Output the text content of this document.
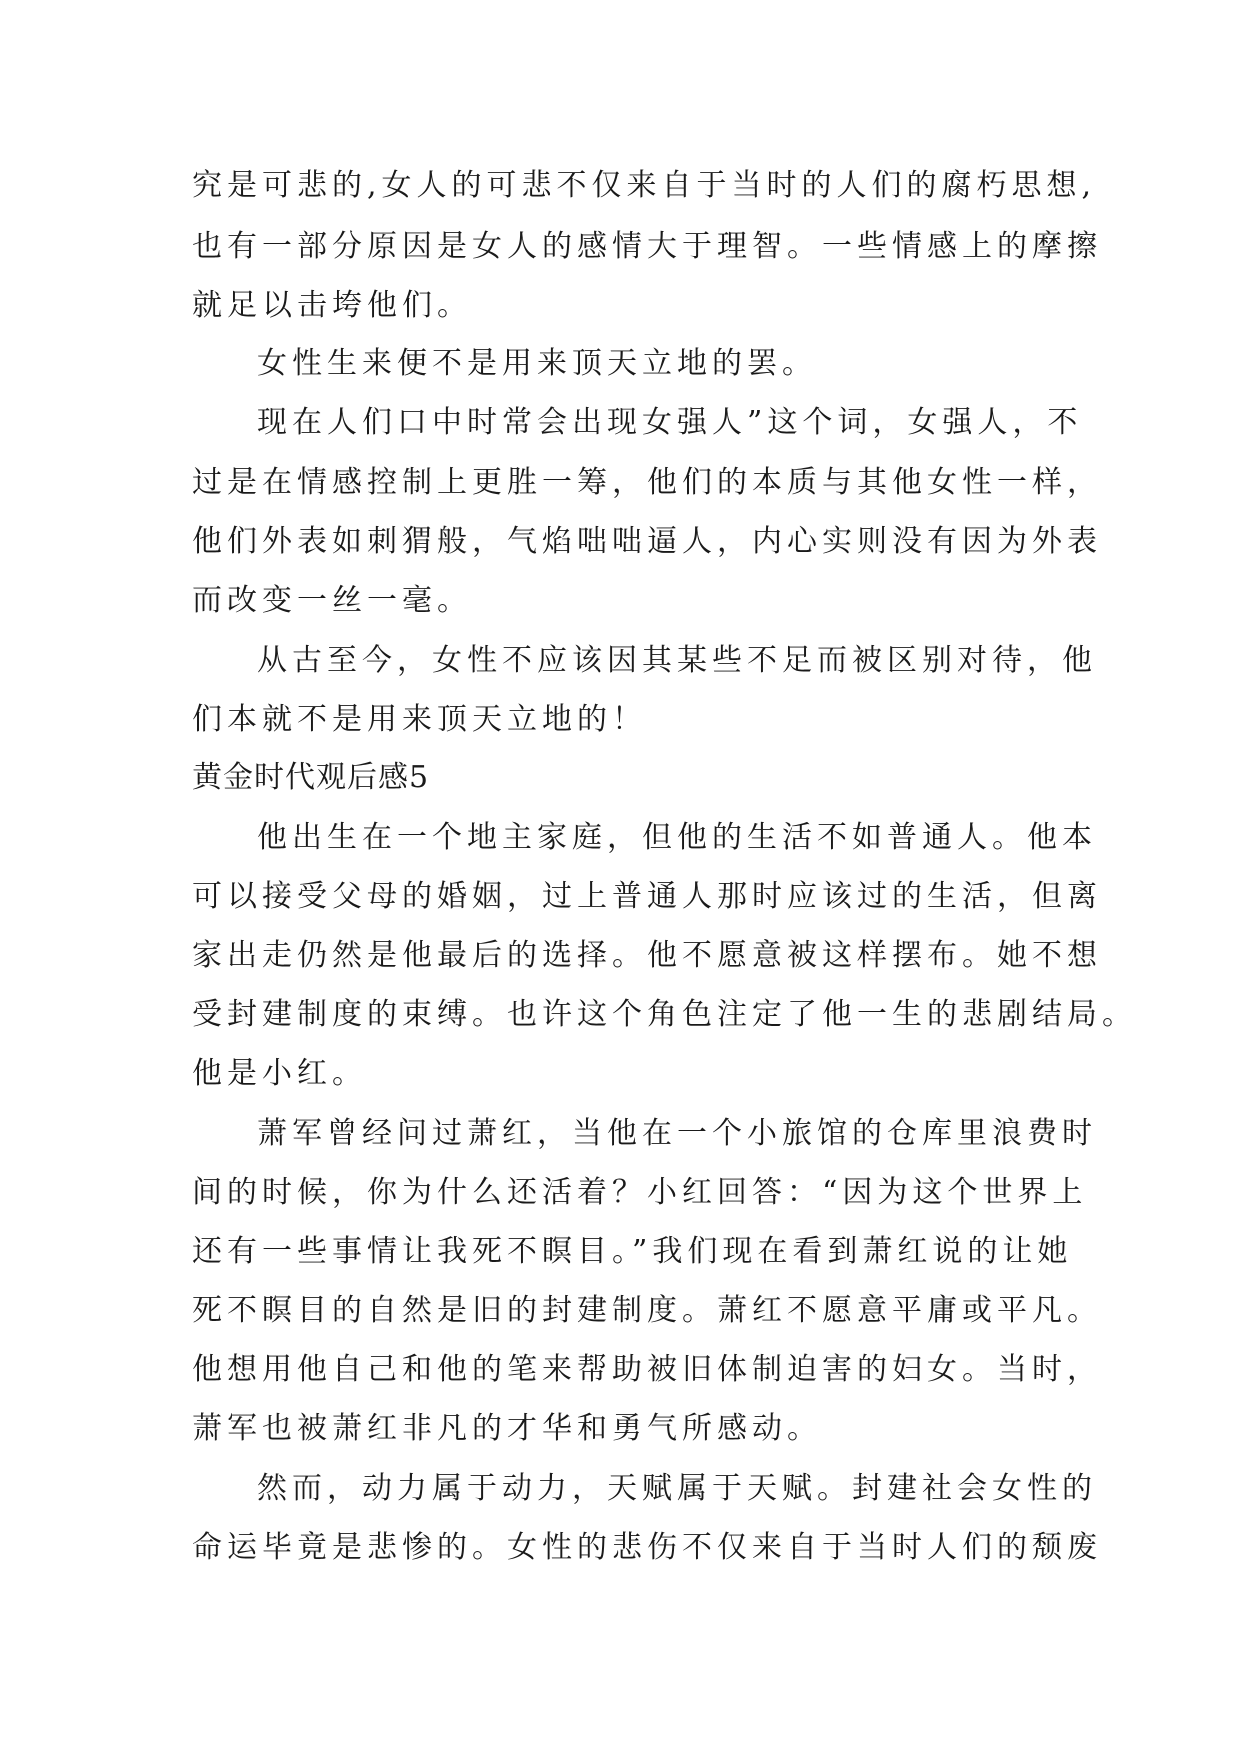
究是可悲的,女人的可悲不仅来自于当时的人们的腐朽思想,
也有一部分原因是女人的感情大于理智。一些情感上的摩擦
就足以击垮他们。
女性生来便不是用来顶天立地的罢。
现在人们口中时常会出现女强人”这个词，女强人，不
过是在情感控制上更胜一筹，他们的本质与其他女性一样，
他们外表如刺猬般，气焰咄咄逼人，内心实则没有因为外表
而改变一丝一毫。
从古至今，女性不应该因其某些不足而被区别对待，他
们本就不是用来顶天立地的！
黄金时代观后感5
他出生在一个地主家庭，但他的生活不如普通人。他本
可以接受父母的婚姻，过上普通人那时应该过的生活，但离
家出走仍然是他最后的选择。他不愿意被这样摆布。她不想
受封建制度的束缚。也许这个角色注定了他一生的悲剧结局。
他是小红。
萧军曾经问过萧红，当他在一个小旅馆的仓库里浪费时
间的时候，你为什么还活着？小红回答：“因为这个世界上
还有一些事情让我死不瞑目。”我们现在看到萧红说的让她
死不瞑目的自然是旧的封建制度。萧红不愿意平庸或平凡。
他想用他自己和他的笔来帮助被旧体制迫害的妇女。当时，
萧军也被萧红非凡的才华和勇气所感动。
然而，动力属于动力，天赋属于天赋。封建社会女性的
命运毕竟是悲惨的。女性的悲伤不仅来自于当时人们的颓废
